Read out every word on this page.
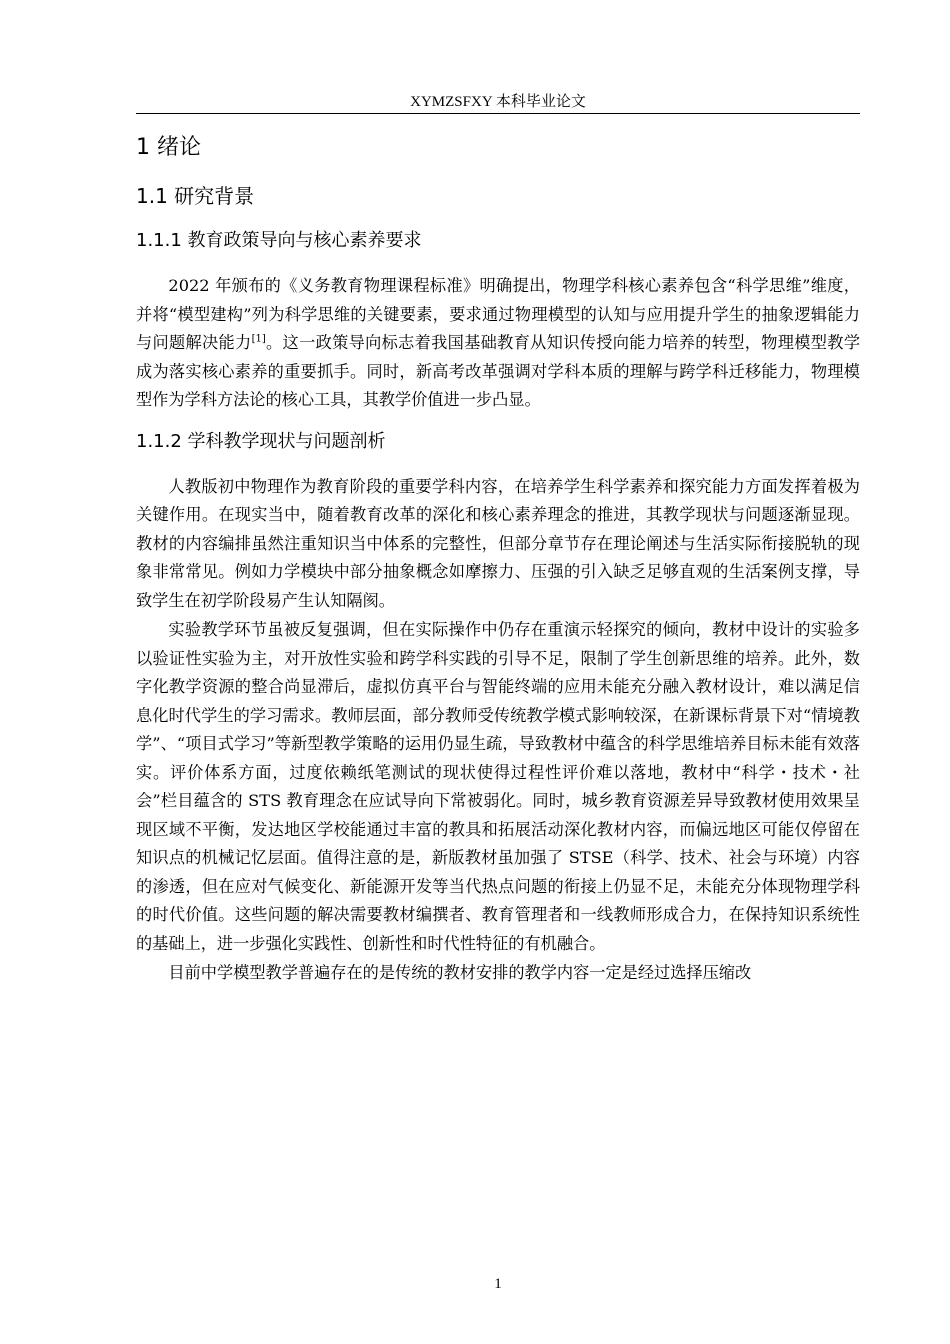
XYMZSFXY 本科毕业论文
1 绪论
1.1 研究背景
1.1.1 教育政策导向与核心素养要求

2022 年颁布的《义务教育物理课程标准》明确提出，物理学科核心素养包含“科学思维”维度，并将“模型建构”列为科学思维的关键要素，要求通过物理模型的认知与应用提升学生的抽象逻辑能力与问题解决能力[1]。这一政策导向标志着我国基础教育从知识传授向能力培养的转型，物理模型教学成为落实核心素养的重要抓手。同时，新高考改革强调对学科本质的理解与跨学科迁移能力，物理模型作为学科方法论的核心工具，其教学价值进一步凸显。

1.1.2 学科教学现状与问题剖析

人教版初中物理作为教育阶段的重要学科内容，在培养学生科学素养和探究能力方面发挥着极为关键作用。在现实当中，随着教育改革的深化和核心素养理念的推进，其教学现状与问题逐渐显现。教材的内容编排虽然注重知识当中体系的完整性，但部分章节存在理论阐述与生活实际衔接脱轨的现象非常常见。例如力学模块中部分抽象概念如摩擦力、压强的引入缺乏足够直观的生活案例支撑，导致学生在初学阶段易产生认知隔阂。

实验教学环节虽被反复强调，但在实际操作中仍存在重演示轻探究的倾向，教材中设计的实验多以验证性实验为主，对开放性实验和跨学科实践的引导不足，限制了学生创新思维的培养。此外，数字化教学资源的整合尚显滞后，虚拟仿真平台与智能终端的应用未能充分融入教材设计，难以满足信息化时代学生的学习需求。教师层面，部分教师受传统教学模式影响较深，在新课标背景下对“情境教学”、“项目式学习”等新型教学策略的运用仍显生疏，导致教材中蕴含的科学思维培养目标未能有效落实。评价体系方面，过度依赖纸笔测试的现状使得过程性评价难以落地，教材中“科学・技术・社会”栏目蕴含的 STS 教育理念在应试导向下常被弱化。同时，城乡教育资源差异导致教材使用效果呈现区域不平衡，发达地区学校能通过丰富的教具和拓展活动深化教材内容，而偏远地区可能仅停留在知识点的机械记忆层面。值得注意的是，新版教材虽加强了 STSE（科学、技术、社会与环境）内容的渗透，但在应对气候变化、新能源开发等当代热点问题的衔接上仍显不足，未能充分体现物理学科的时代价值。这些问题的解决需要教材编撰者、教育管理者和一线教师形成合力，在保持知识系统性的基础上，进一步强化实践性、创新性和时代性特征的有机融合。

目前中学模型教学普遍存在的是传统的教材安排的教学内容一定是经过选择压缩改

1
